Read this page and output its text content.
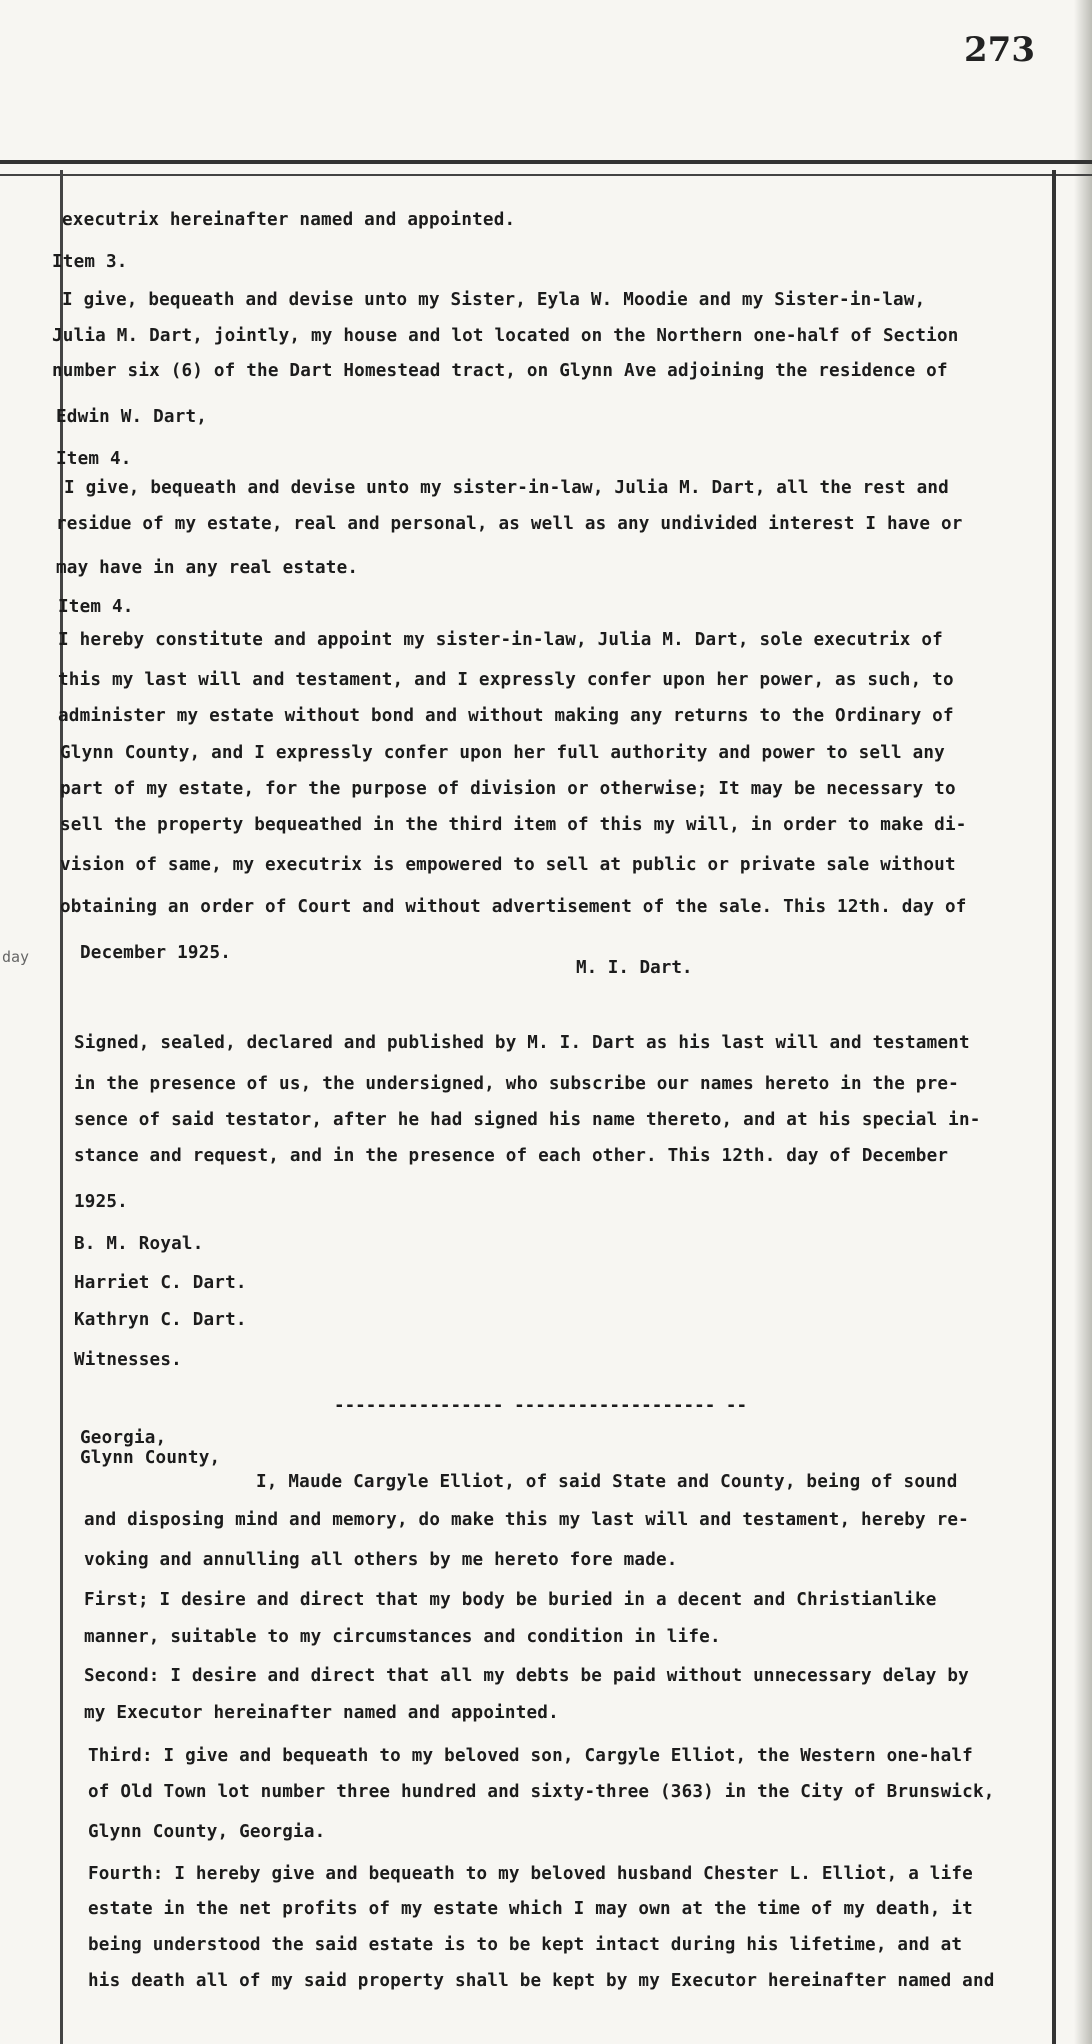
273
day
executrix hereinafter named and appointed.
Item 3.
I give, bequeath and devise unto my Sister, Eyla W. Moodie and my Sister-in-law,
Julia M. Dart, jointly, my house and lot located on the Northern one-half of Section
number six (6) of the Dart Homestead tract, on Glynn Ave adjoining the residence of
Edwin W. Dart,
Item 4.
I give, bequeath and devise unto my sister-in-law, Julia M. Dart, all the rest and
residue of my estate, real and personal, as well as any undivided interest I have or
may have in any real estate.
Item 4.
I hereby constitute and appoint my sister-in-law, Julia M. Dart, sole executrix of
this my last will and testament, and I expressly confer upon her power, as such, to
administer my estate without bond and without making any returns to the Ordinary of
Glynn County, and I expressly confer upon her full authority and power to sell any
part of my estate, for the purpose of division or otherwise; It may be necessary to
sell the property bequeathed in the third item of this my will, in order to make di-
vision of same, my executrix is empowered to sell at public or private sale without
obtaining an order of Court and without advertisement of the sale. This 12th. day of
December 1925.
M. I. Dart.
Signed, sealed, declared and published by M. I. Dart as his last will and testament
in the presence of us, the undersigned, who subscribe our names hereto in the pre-
sence of said testator, after he had signed his name thereto, and at his special in-
stance and request, and in the presence of each other. This 12th. day of December
1925.
B. M. Royal.
Harriet C. Dart.
Kathryn C. Dart.
Witnesses.
---------------- ------------------- --
Georgia,
Glynn County,
I, Maude Cargyle Elliot, of said State and County, being of sound
and disposing mind and memory, do make this my last will and testament, hereby re-
voking and annulling all others by me hereto fore made.
First; I desire and direct that my body be buried in a decent and Christianlike
manner, suitable to my circumstances and condition in life.
Second: I desire and direct that all my debts be paid without unnecessary delay by
my Executor hereinafter named and appointed.
Third: I give and bequeath to my beloved son, Cargyle Elliot, the Western one-half
of Old Town lot number three hundred and sixty-three (363) in the City of Brunswick,
Glynn County, Georgia.
Fourth: I hereby give and bequeath to my beloved husband Chester L. Elliot, a life
estate in the net profits of my estate which I may own at the time of my death, it
being understood the said estate is to be kept intact during his lifetime, and at
his death all of my said property shall be kept by my Executor hereinafter named and
